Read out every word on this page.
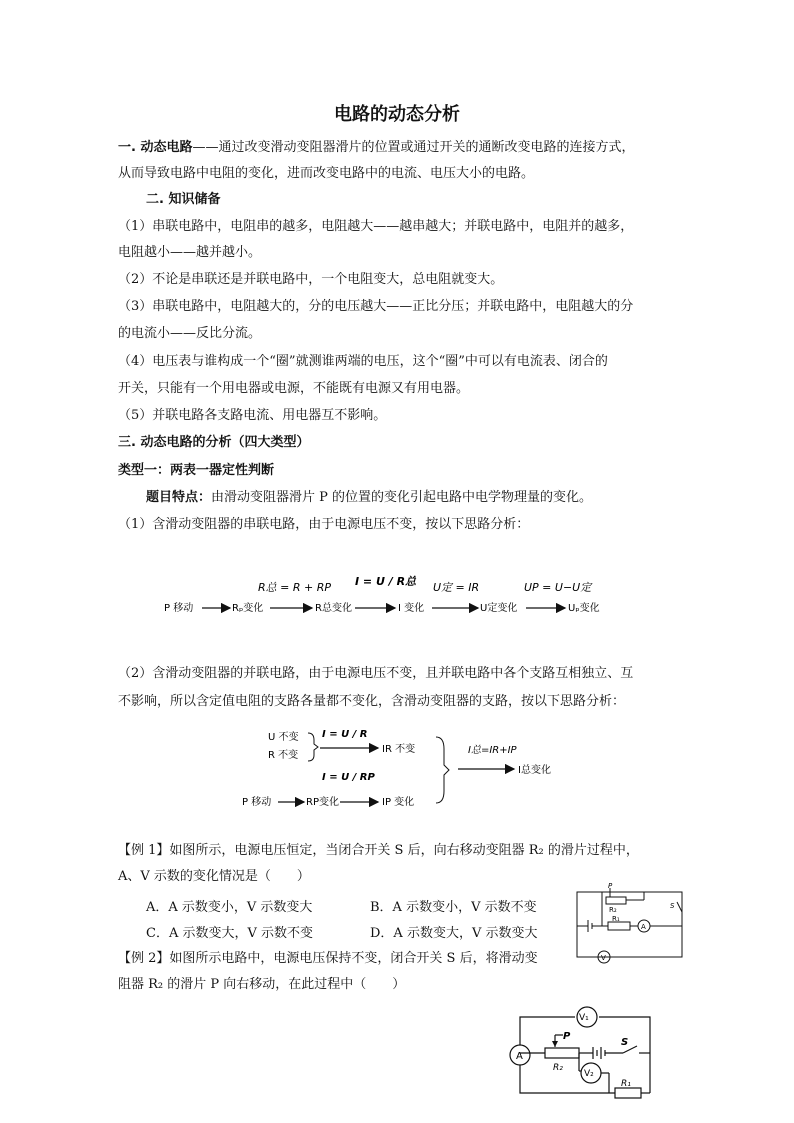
电路的动态分析
一. 动态电路——通过改变滑动变阻器滑片的位置或通过开关的通断改变电路的连接方式，
从而导致电路中电阻的变化，进而改变电路中的电流、电压大小的电路。
二. 知识储备
（1）串联电路中，电阻串的越多，电阻越大——越串越大；并联电路中，电阻并的越多，
电阻越小——越并越小。
（2）不论是串联还是并联电路中，一个电阻变大，总电阻就变大。
（3）串联电路中，电阻越大的，分的电压越大——正比分压；并联电路中，电阻越大的分
的电流小——反比分流。
（4）电压表与谁构成一个“圈”就测谁两端的电压，这个“圈”中可以有电流表、闭合的
开关，只能有一个用电器或电源，不能既有电源又有用电器。
（5）并联电路各支路电流、用电器互不影响。
三. 动态电路的分析（四大类型）
类型一：两表一器定性判断
题目特点：由滑动变阻器滑片 P 的位置的变化引起电路中电学物理量的变化。
（1）含滑动变阻器的串联电路，由于电源电压不变，按以下思路分析：
P 移动	Rₚ变化	R总变化	I 变化	U定变化	Uₚ变化
R总 = R + RP I = U / R总 U定 = IR	UP = U−U定
（2）含滑动变阻器的并联电路，由于电源电压不变，且并联电路中各个支路互相独立、互
不影响，所以含定值电阻的支路各量都不变化，含滑动变阻器的支路，按以下思路分析：
U 不变
R 不变
I = U / R
IR 不变
I = U / RP
P 移动	RP变化	IP 变化
I总=IR+IP
I总变化
【例 1】如图所示，电源电压恒定，当闭合开关 S 后，向右移动变阻器 R₂ 的滑片过程中，
A、V 示数的变化情况是（　　）
A．A 示数变小，V 示数变大	B．A 示数变小，V 示数不变
C．A 示数变大，V 示数不变	D．A 示数变大，V 示数变大
P
R₂
R₁
S
A
V
【例 2】如图所示电路中，电源电压保持不变，闭合开关 S 后，将滑动变
阻器 R₂ 的滑片 P 向右移动，在此过程中（　　）
V₁
P
S
A
R₂
V₂
R₁
